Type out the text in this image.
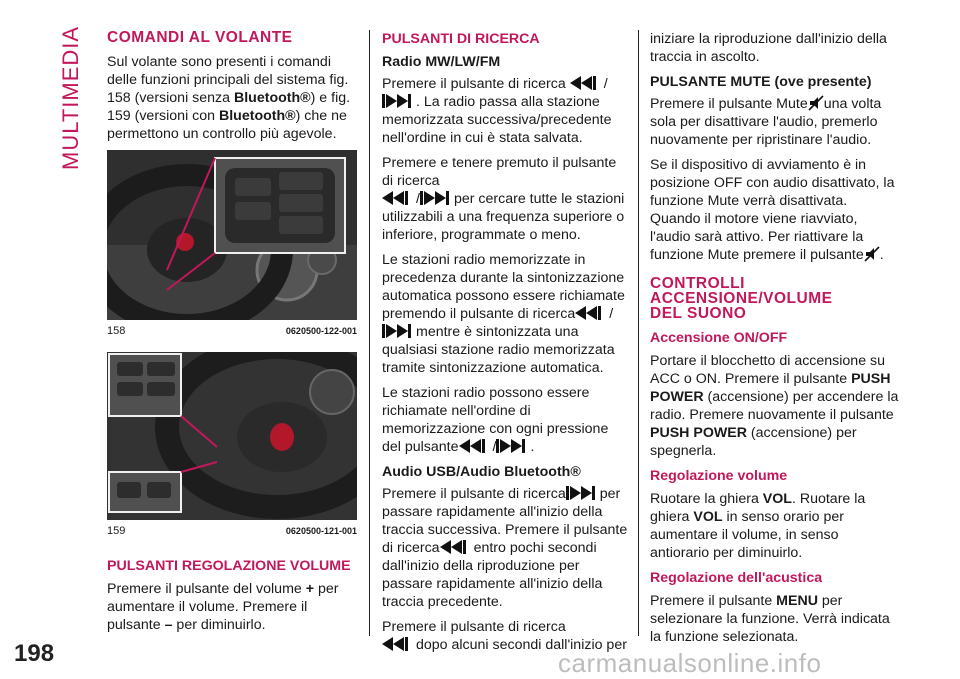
MULTIMEDIA
198
COMANDI AL VOLANTE

Sul volante sono presenti i comandi delle funzioni principali del sistema fig. 158 (versioni senza Bluetooth®) e fig. 159 (versioni con Bluetooth®) che ne permettono un controllo più agevole.

158	0620500-122-001
159	0620500-121-001
PULSANTI REGOLAZIONE VOLUME

Premere il pulsante del volume + per aumentare il volume. Premere il pulsante – per diminuirlo.

PULSANTI DI RICERCA
Radio MW/LW/FM

Premere il pulsante di ricerca	/
. La radio passa alla stazione memorizzata successiva/precedente nell'ordine in cui è stata salvata.

Premere e tenere premuto il pulsante di ricerca
/ per cercare tutte le stazioni utilizzabili a una frequenza superiore o inferiore, programmate o meno.

Le stazioni radio memorizzate in precedenza durante la sintonizzazione automatica possono essere richiamate premendo il pulsante di ricerca /
mentre è sintonizzata una qualsiasi stazione radio memorizzata tramite sintonizzazione automatica.

Le stazioni radio possono essere richiamate nell'ordine di memorizzazione con ogni pressione del pulsante / .

Audio USB/Audio Bluetooth®

Premere il pulsante di ricerca per passare rapidamente all'inizio della traccia successiva. Premere il pulsante di ricerca entro pochi secondi dall'inizio della riproduzione per passare rapidamente all'inizio della traccia precedente.

Premere il pulsante di ricerca
dopo alcuni secondi dall'inizio per

iniziare la riproduzione dall'inizio della traccia in ascolto.

PULSANTE MUTE (ove presente)

Premere il pulsante Mute una volta sola per disattivare l'audio, premerlo nuovamente per ripristinare l'audio.

Se il dispositivo di avviamento è in posizione OFF con audio disattivato, la funzione Mute verrà disattivata. Quando il motore viene riavviato, l'audio sarà attivo. Per riattivare la funzione Mute premere il pulsante .

CONTROLLI
ACCENSIONE/VOLUME
DEL SUONO
Accensione ON/OFF

Portare il blocchetto di accensione su ACC o ON. Premere il pulsante PUSH POWER (accensione) per accendere la radio. Premere nuovamente il pulsante PUSH POWER (accensione) per spegnerla.

Regolazione volume

Ruotare la ghiera VOL. Ruotare la ghiera VOL in senso orario per aumentare il volume, in senso antiorario per diminuirlo.

Regolazione dell'acustica

Premere il pulsante MENU per selezionare la funzione. Verrà indicata la funzione selezionata.

carmanualsonline.info
